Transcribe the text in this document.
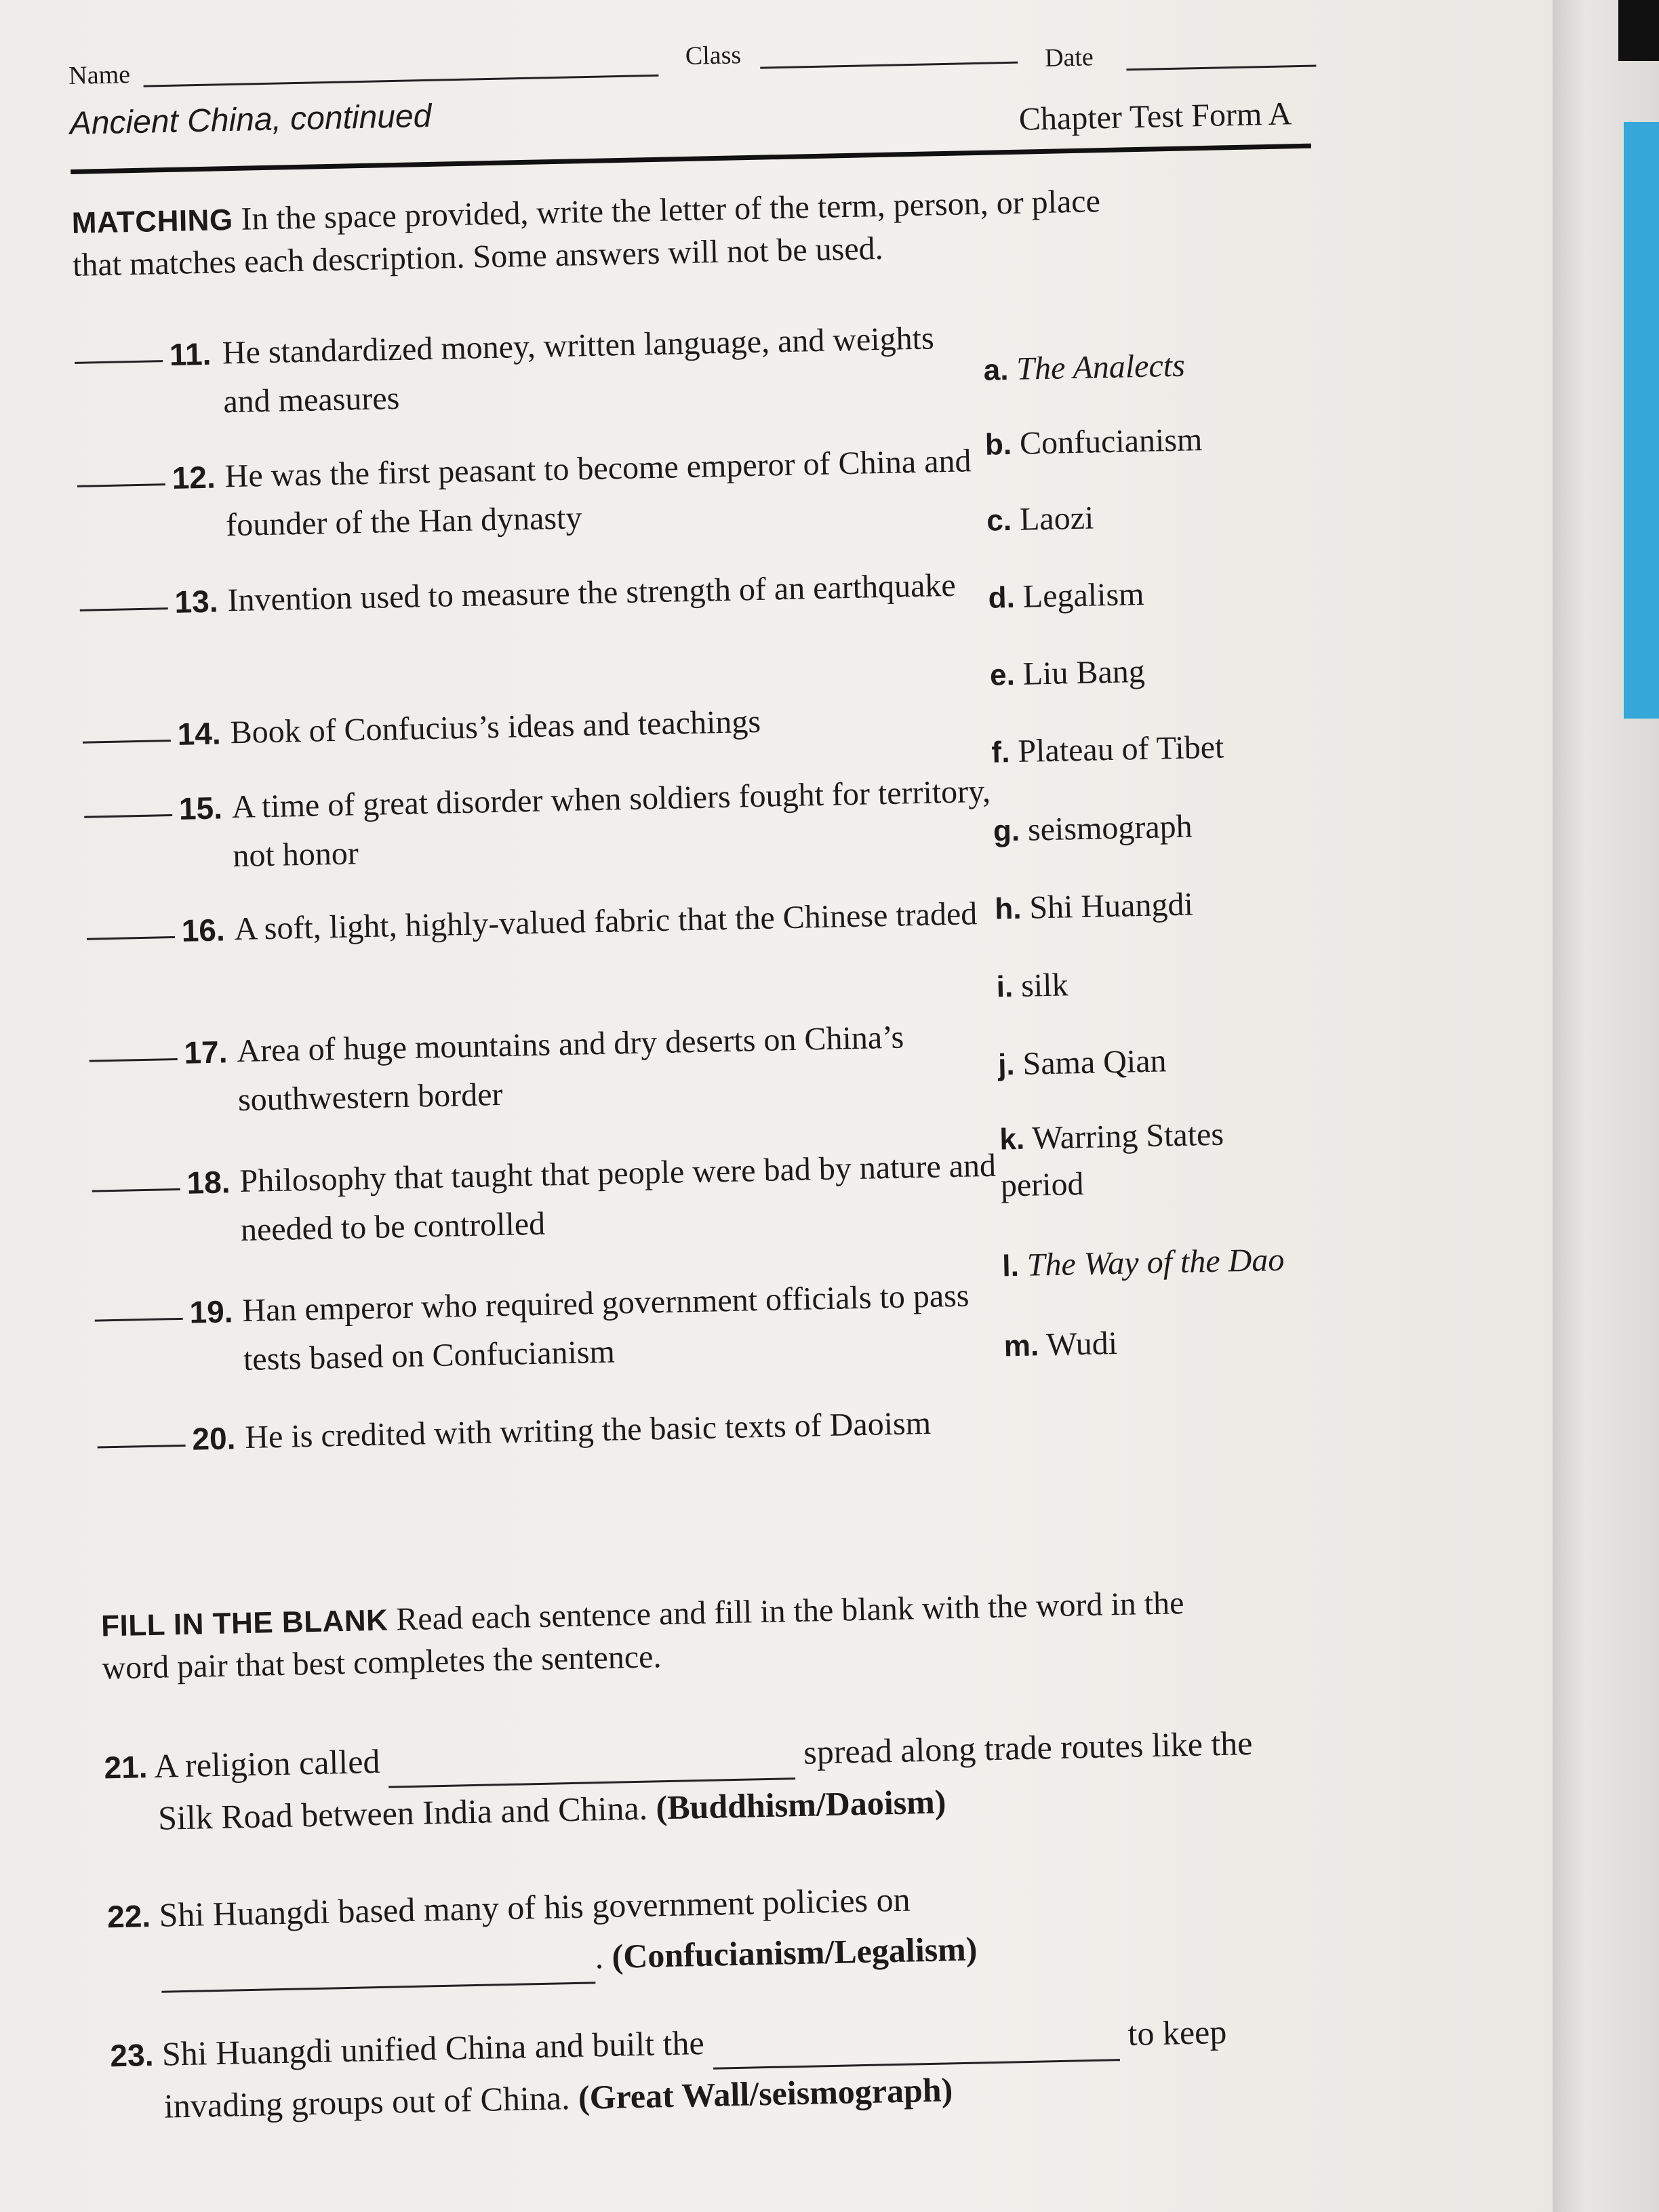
Name
Class	Date
Ancient China, continued	Chapter Test Form A
MATCHING In the space provided, write the letter of the term, person, or place that matches each description. Some answers will not be used.
11. He standardized money, written language, and weights and measures
12. He was the first peasant to become emperor of China and founder of the Han dynasty
13. Invention used to measure the strength of an earthquake
14. Book of Confucius’s ideas and teachings
15. A time of great disorder when soldiers fought for territory, not honor
16. A soft, light, highly-valued fabric that the Chinese traded
17. Area of huge mountains and dry deserts on China’s southwestern border
18. Philosophy that taught that people were bad by nature and needed to be controlled
19. Han emperor who required government officials to pass tests based on Confucianism
20. He is credited with writing the basic texts of Daoism
a. The Analects
b. Confucianism
c. Laozi
d. Legalism
e. Liu Bang
f. Plateau of Tibet
g. seismograph
h. Shi Huangdi
i. silk
j. Sama Qian
k. Warring States period
l. The Way of the Dao
m. Wudi
FILL IN THE BLANK Read each sentence and fill in the blank with the word in the word pair that best completes the sentence.
21. A religion called	spread along trade routes like the
Silk Road between India and China. (Buddhism/Daoism)
22. Shi Huangdi based many of his government policies on
. (Confucianism/Legalism)
23. Shi Huangdi unified China and built the	to keep
invading groups out of China. (Great Wall/seismograph)
